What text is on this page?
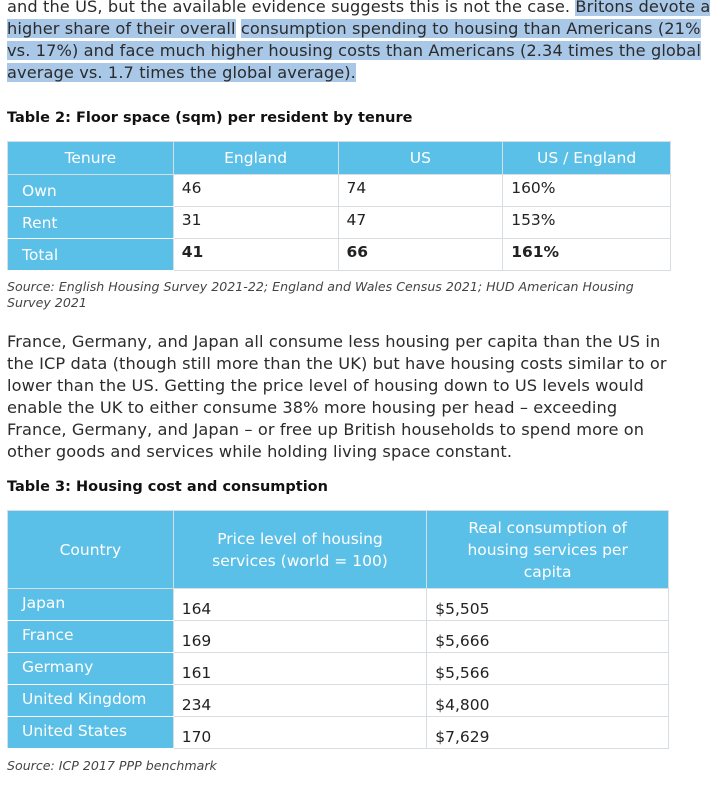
and the US, but the available evidence suggests this is not the case. Britons devote a
higher share of their overall consumption spending to housing than Americans (21%
vs. 17%) and face much higher housing costs than Americans (2.34 times the global
average vs. 1.7 times the global average).
Table 2: Floor space (sqm) per resident by tenure
Tenure	England	US	US / England
Own	46	74	160%
Rent	31	47	153%
Total	41	66	161%
Source: English Housing Survey 2021-22; England and Wales Census 2021; HUD American Housing Survey 2021
France, Germany, and Japan all consume less housing per capita than the US in the ICP data (though still more than the UK) but have housing costs similar to or lower than the US. Getting the price level of housing down to US levels would enable the UK to either consume 38% more housing per head – exceeding France, Germany, and Japan – or free up British households to spend more on other goods and services while holding living space constant.
Table 3: Housing cost and consumption
Country	Price level of housing services (world = 100)	Real consumption of housing services per capita
Japan	164	$5,505
France	169	$5,666
Germany	161	$5,566
United Kingdom	234	$4,800
United States	170	$7,629
Source: ICP 2017 PPP benchmark
